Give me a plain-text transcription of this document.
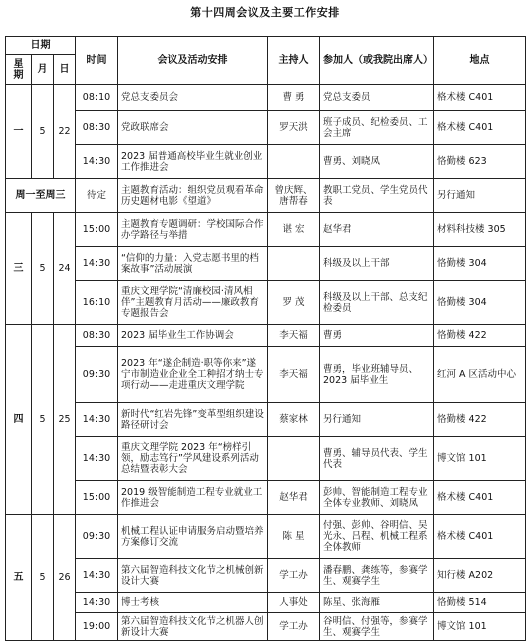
第十四周会议及主要工作安排
日期			时间	会议及活动安排	主持人	参加人（或我院出席人）	地点
星期	月	日					
一	5	22	08:10	党总支委员会	曹 勇	党总支委员	格术楼 C401
			08:30	党政联席会	罗天洪	班子成员、纪检委员、工会主席	格术楼 C401
			14:30	2023 届普通高校毕业生就业创业工作推进会		曹勇、刘晓凤	恪勤楼 623
周一至周三			待定	主题教育活动：组织党员观看革命历史题材电影《望道》	曾庆辉、唐帮春	教职工党员、学生党员代表	另行通知
三	5	24	15:00	主题教育专题调研：学校国际合作办学路径与举措	谌 宏	赵华君	材料科技楼 305
			14:30	“信仰的力量：入党志愿书里的档案故事”活动展演		科级及以上干部	恪勤楼 304
			16:10	重庆文理学院“清廉校园·清风相伴”主题教育月活动——廉政教育专题报告会	罗 茂	科级及以上干部、总支纪检委员	恪勤楼 304
四	5	25	08:30	2023 届毕业生工作协调会	李天福	曹勇	恪勤楼 422
			09:30	2023 年“遂企制造·职等你来”遂宁市制造业企业全工种招才纳士专项行动——走进重庆文理学院	李天福	曹勇，毕业班辅导员、2023 届毕业生	红河 A 区活动中心
			14:30	新时代“红岩先锋”变革型组织建设路径研讨会	蔡家林	另行通知	恪勤楼 422
			14:30	重庆文理学院 2023 年“榜样引领，励志笃行”学风建设系列活动总结暨表彰大会		曹勇、辅导员代表、学生代表	博文馆 101
			15:00	2019 级智能制造工程专业就业工作推进会	赵华君	彭帅、智能制造工程专业全体专业教师、刘晓凤	格术楼 C401
五	5	26	09:30	机械工程认证申请服务启动暨培养方案修订交流	陈 星	付强、彭帅、谷明信、吴光永、吕程、机械工程系全体教师	格术楼 C401
			14:30	第六届智造科技文化节之机械创新设计大赛	学工办	潘春鹏、龚练等，参赛学生、观赛学生	知行楼 A202
			14:30	博士考核	人事处	陈星、张海雁	恪勤楼 514
			19:00	第六届智造科技文化节之机器人创新设计大赛	学工办	谷明信、付强等，参赛学生、观赛学生	博文馆 101
